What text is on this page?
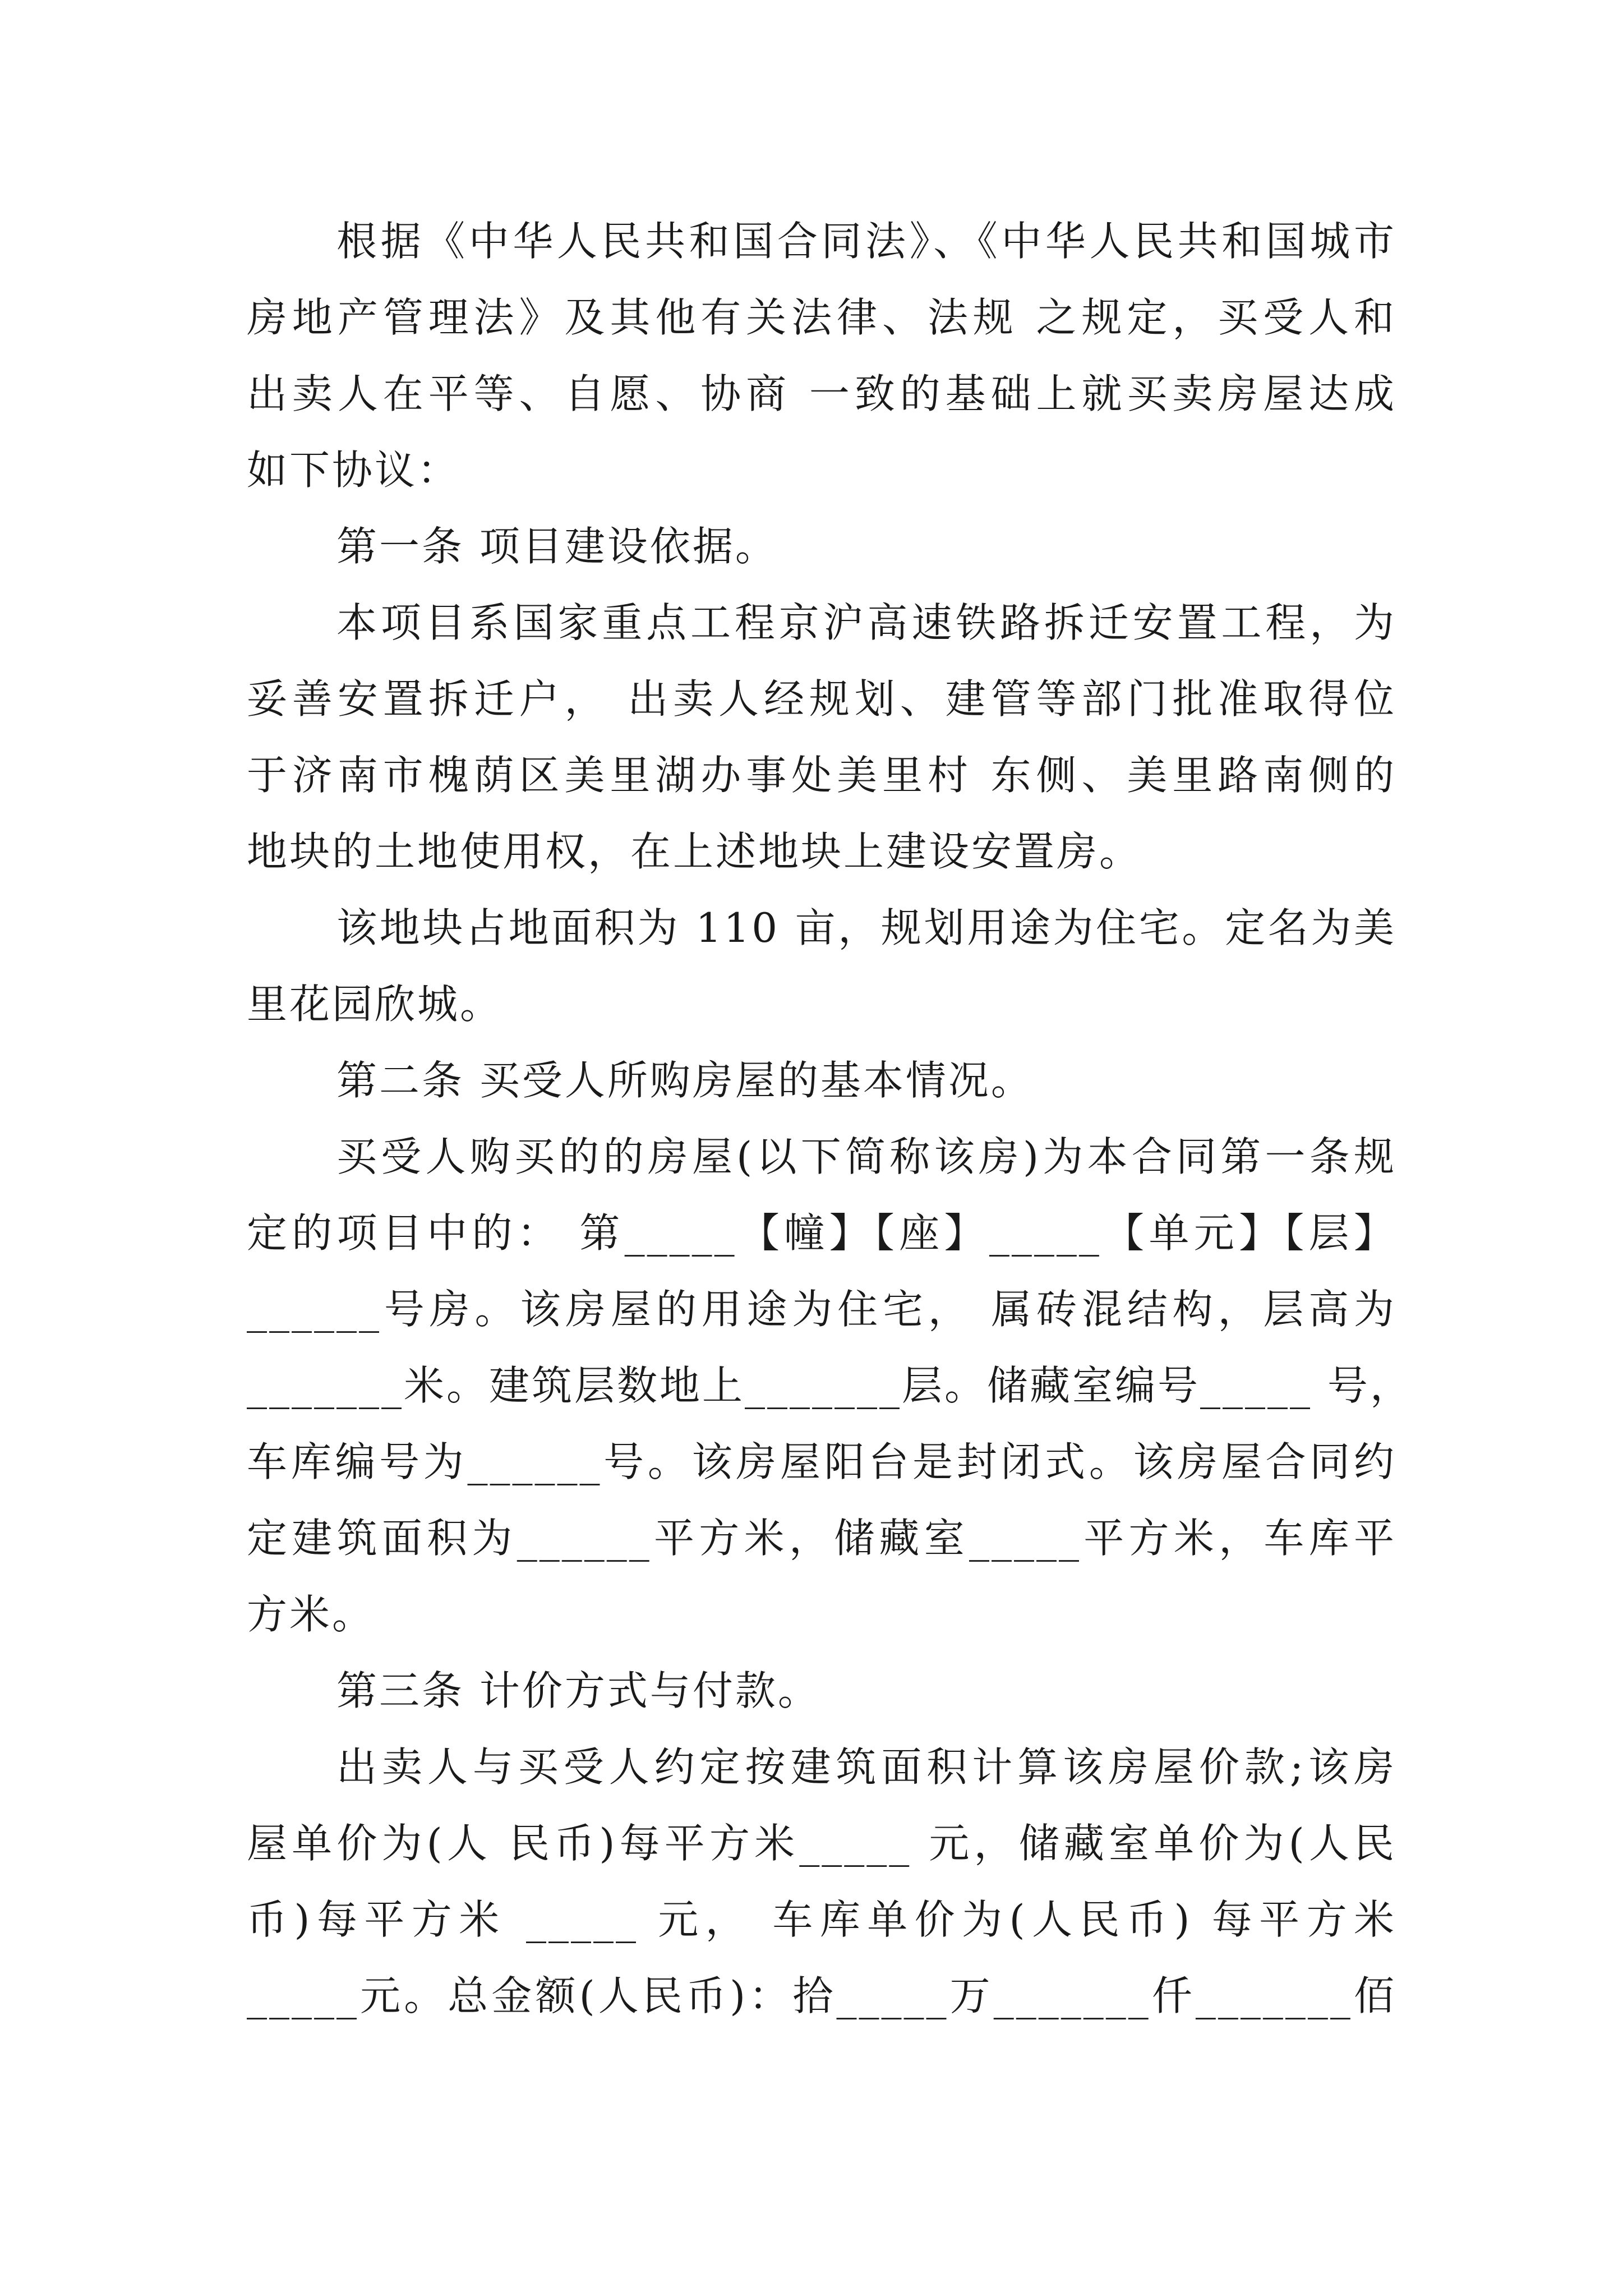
根据《中华人民共和国合同法》、《中华人民共和国城市
房地产管理法》及其他有关法律、法规 之规定，买受人和
出卖人在平等、自愿、协商 一致的基础上就买卖房屋达成
如下协议：
第一条 项目建设依据。
本项目系国家重点工程京沪高速铁路拆迁安置工程，为
妥善安置拆迁户， 出卖人经规划、建管等部门批准取得位
于济南市槐荫区美里湖办事处美里村 东侧、美里路南侧的
地块的土地使用权，在上述地块上建设安置房。
该地块占地面积为 110 亩，规划用途为住宅。定名为美
里花园欣城。
第二条 买受人所购房屋的基本情况。
买受人购买的的房屋(以下简称该房)为本合同第一条规
定的项目中的： 第_____【幢】【座】_____【单元】【层】
______号房。该房屋的用途为住宅， 属砖混结构，层高为
_______米。建筑层数地上_______层。储藏室编号_____ 号，
车库编号为______号。该房屋阳台是封闭式。该房屋合同约
定建筑面积为______平方米，储藏室_____平方米，车库平
方米。
第三条 计价方式与付款。
出卖人与买受人约定按建筑面积计算该房屋价款;该房
屋单价为(人 民币)每平方米_____ 元，储藏室单价为(人民
币)每平方米 _____ 元， 车库单价为(人民币) 每平方米
_____元。总金额(人民币)：拾_____万_______仟_______佰
